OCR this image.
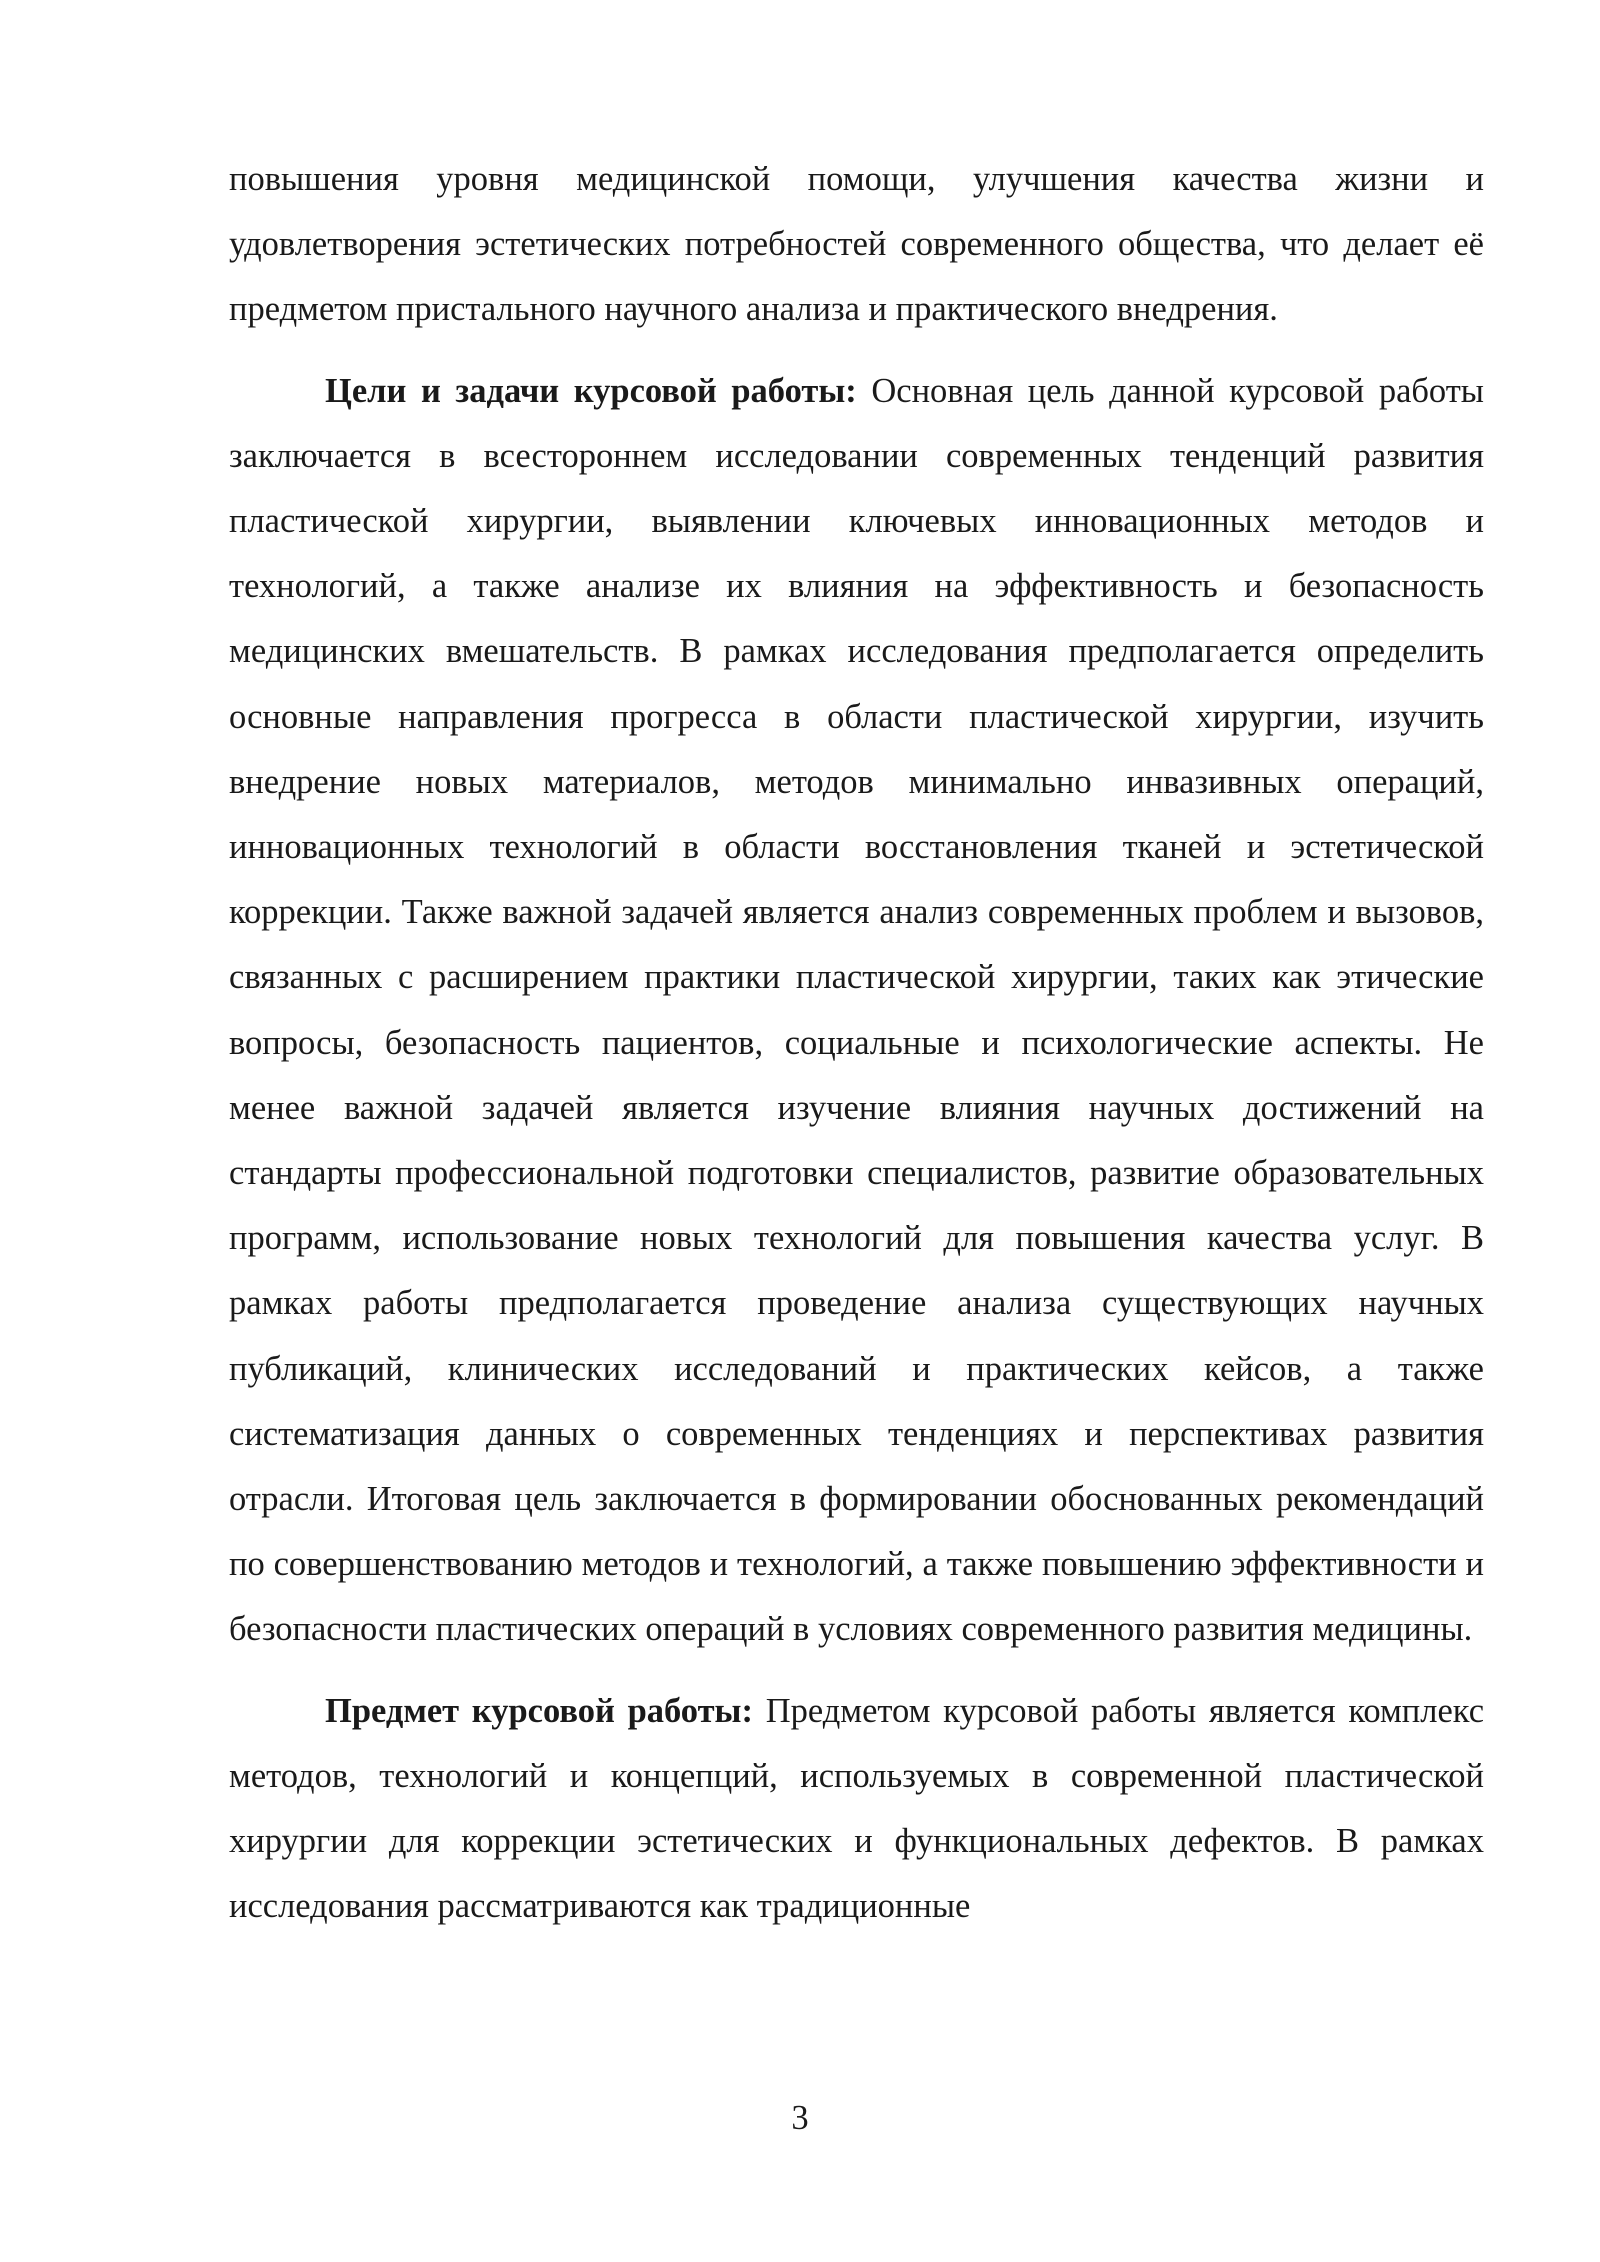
повышения уровня медицинской помощи, улучшения качества жизни и удовлетворения эстетических потребностей современного общества, что делает её предметом пристального научного анализа и практического внедрения.

Цели и задачи курсовой работы: Основная цель данной курсовой работы заключается в всестороннем исследовании современных тенденций развития пластической хирургии, выявлении ключевых инновационных методов и технологий, а также анализе их влияния на эффективность и безопасность медицинских вмешательств. В рамках исследования предполагается определить основные направления прогресса в области пластической хирургии, изучить внедрение новых материалов, методов минимально инвазивных операций, инновационных технологий в области восстановления тканей и эстетической коррекции. Также важной задачей является анализ современных проблем и вызовов, связанных с расширением практики пластической хирургии, таких как этические вопросы, безопасность пациентов, социальные и психологические аспекты. Не менее важной задачей является изучение влияния научных достижений на стандарты профессиональной подготовки специалистов, развитие образовательных программ, использование новых технологий для повышения качества услуг. В рамках работы предполагается проведение анализа существующих научных публикаций, клинических исследований и практических кейсов, а также систематизация данных о современных тенденциях и перспективах развития отрасли. Итоговая цель заключается в формировании обоснованных рекомендаций по совершенствованию методов и технологий, а также повышению эффективности и безопасности пластических операций в условиях современного развития медицины.

Предмет курсовой работы: Предметом курсовой работы является комплекс методов, технологий и концепций, используемых в современной пластической хирургии для коррекции эстетических и функциональных дефектов. В рамках исследования рассматриваются как традиционные

3
